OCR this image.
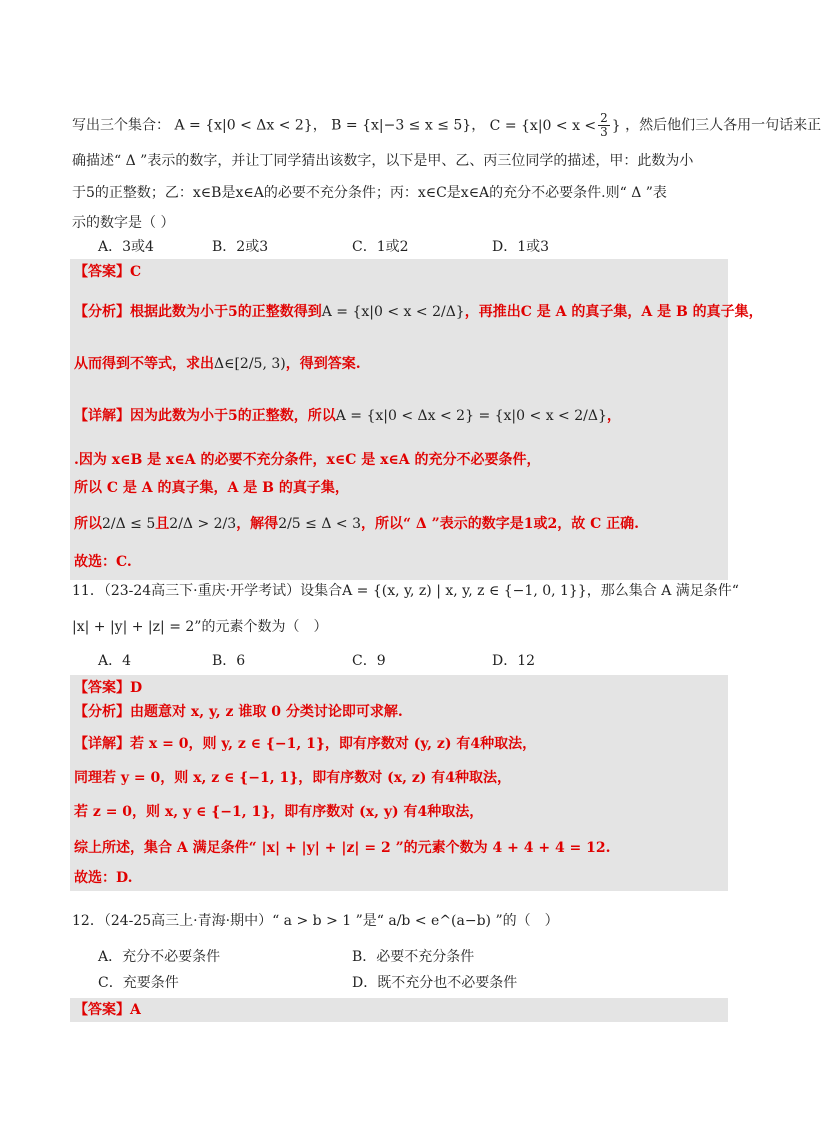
写出三个集合： A = {x|0 < Δx < 2}， B = {x|−3 ≤ x ≤ 5}， $C = \{x|0 < x < \frac{2}{3}$ } ，然后他们三人各用一句话来正
确描述“ Δ ”表示的数字，并让丁同学猜出该数字，以下是甲、乙、丙三位同学的描述，甲：此数为小
于5的正整数；乙：x∈B是x∈A的必要不充分条件；丙：x∈C是x∈A的充分不必要条件.则“ Δ ”表
示的数字是（ ）
A．3或4	B．2或3	C．1或2	D．1或3
【答案】C
【分析】根据此数为小于5的正整数得到A = {x|0 < x < 2/Δ}，再推出C 是 A 的真子集，A 是 B 的真子集，
从而得到不等式，求出Δ∈[2/5, 3)，得到答案.
【详解】因为此数为小于5的正整数，所以A = {x|0 < Δx < 2} = {x|0 < x < 2/Δ}，
.因为 x∈B 是 x∈A 的必要不充分条件，x∈C 是 x∈A 的充分不必要条件，
所以 C 是 A 的真子集，A 是 B 的真子集，
所以2/Δ ≤ 5且2/Δ > 2/3，解得2/5 ≤ Δ < 3，所以“ Δ ”表示的数字是1或2，故 C 正确.
故选：C.
11．（23-24高三下·重庆·开学考试）设集合A = {(x, y, z) | x, y, z ∈ {−1, 0, 1}}，那么集合 A 满足条件“
|x| + |y| + |z| = 2”的元素个数为（　）
A．4	B．6	C．9	D．12
【答案】D
【分析】由题意对 x, y, z 谁取 0 分类讨论即可求解.
【详解】若 x = 0，则 y, z ∈ {−1, 1}，即有序数对 (y, z) 有4种取法，
同理若 y = 0，则 x, z ∈ {−1, 1}，即有序数对 (x, z) 有4种取法，
若 z = 0，则 x, y ∈ {−1, 1}，即有序数对 (x, y) 有4种取法，
综上所述，集合 A 满足条件“ |x| + |y| + |z| = 2 ”的元素个数为 4 + 4 + 4 = 12.
故选：D.
12．（24-25高三上·青海·期中）“ a > b > 1 ”是“ a/b < e^(a−b) ”的（　）
A．充分不必要条件	B．必要不充分条件
C．充要条件	D．既不充分也不必要条件
【答案】A
